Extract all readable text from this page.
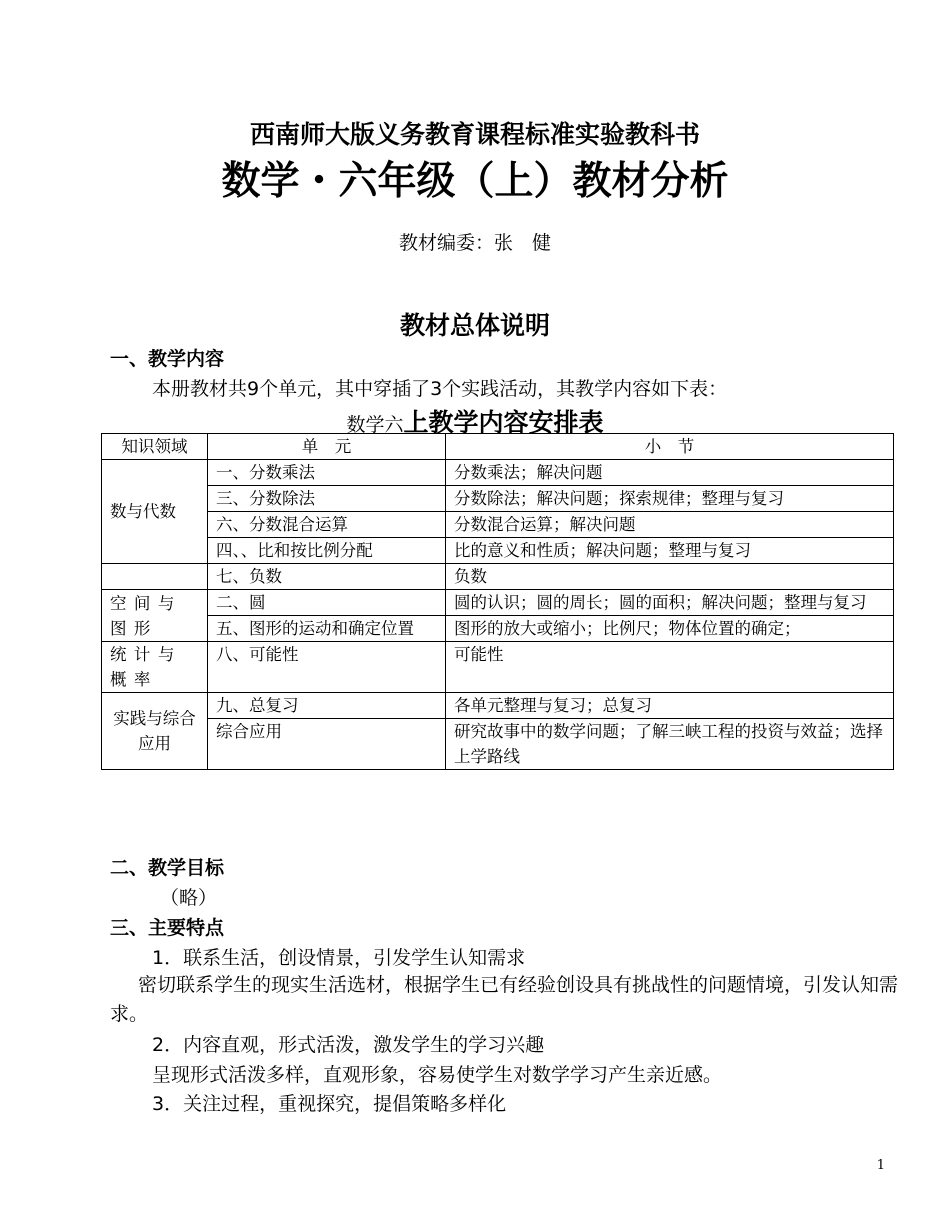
西南师大版义务教育课程标准实验教科书
数学・六年级（上）教材分析
教材编委：张　健
教材总体说明
一、教学内容
本册教材共9个单元，其中穿插了3个实践活动，其教学内容如下表：
数学六上教学内容安排表
知识领域	单　元	小　节
数与代数	一、分数乘法	分数乘法；解决问题
	三、分数除法	分数除法；解决问题；探索规律；整理与复习
	六、分数混合运算	分数混合运算；解决问题
	四、、比和按比例分配	比的意义和性质；解决问题；整理与复习
	七、负数	负数
空间与图形	二、圆	圆的认识；圆的周长；圆的面积；解决问题；整理与复习
	五、图形的运动和确定位置	图形的放大或缩小；比例尺；物体位置的确定；
统计与概率	八、可能性	可能性
实践与综合应用	九、总复习	各单元整理与复习；总复习
	综合应用	研究故事中的数学问题；了解三峡工程的投资与效益；选择上学路线
二、教学目标
（略）
三、主要特点
1．联系生活，创设情景，引发学生认知需求
密切联系学生的现实生活选材，根据学生已有经验创设具有挑战性的问题情境，引发认知需求。
2．内容直观，形式活泼，激发学生的学习兴趣
呈现形式活泼多样，直观形象，容易使学生对数学学习产生亲近感。
3．关注过程，重视探究，提倡策略多样化
1
